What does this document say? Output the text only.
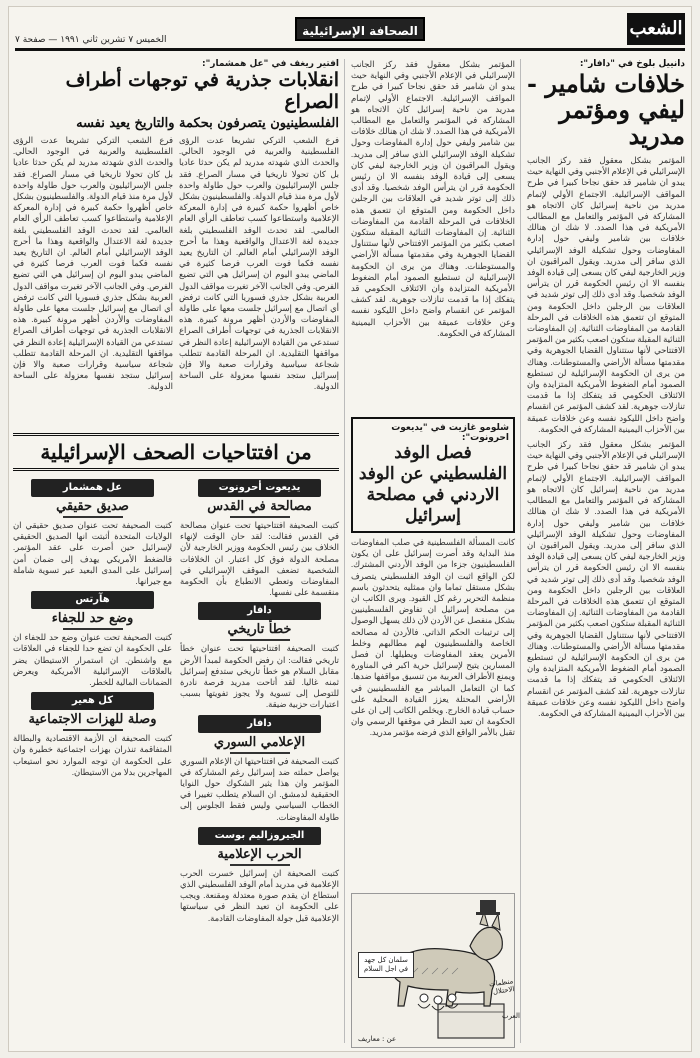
الشعب
الصحافة الإسرائيلية
الخميس ٧ تشرين ثاني ١٩٩١ — صفحة ٧
دانييل بلوخ في "دافار":
خلافات شامير - ليفي ومؤتمر مدريد
المؤتمر بشكل معقول فقد ركز الجانب الإسرائيلي في الإعلام الأجنبي وفي النهاية حيث يبدو ان شامير قد حقق نجاحا كبيرا في طرح المواقف الإسرائيلية. الاجتماع الأولي لإتمام مدريد من ناحية إسرائيل كان الاتجاه هو المشاركة في المؤتمر والتعامل مع المطالب الأمريكية في هذا الصدد. لا شك ان هنالك خلافات بين شامير وليفي حول إدارة المفاوضات وحول تشكيلة الوفد الإسرائيلي الذي سافر إلى مدريد. ويقول المراقبون ان وزير الخارجية ليفي كان يسعى إلى قيادة الوفد بنفسه الا ان رئيس الحكومة قرر ان يترأس الوفد شخصيا. وقد أدى ذلك إلى توتر شديد في العلاقات بين الرجلين داخل الحكومة ومن المتوقع ان تتعمق هذه الخلافات في المرحلة القادمة من المفاوضات الثنائية. إن المفاوضات الثنائية المقبلة ستكون اصعب بكثير من المؤتمر الافتتاحي لأنها ستتناول القضايا الجوهرية وفي مقدمتها مسألة الأراضي والمستوطنات. وهناك من يرى ان الحكومة الإسرائيلية لن تستطيع الصمود أمام الضغوط الأمريكية المتزايدة وان الائتلاف الحكومي قد يتفكك إذا ما قدمت تنازلات جوهرية. لقد كشف المؤتمر عن انقسام واضح داخل الليكود نفسه وعن خلافات عميقة بين الأحزاب اليمينية المشاركة في الحكومة.
المؤتمر بشكل معقول فقد ركز الجانب الإسرائيلي في الإعلام الأجنبي وفي النهاية حيث يبدو ان شامير قد حقق نجاحا كبيرا في طرح المواقف الإسرائيلية. الاجتماع الأولي لإتمام مدريد من ناحية إسرائيل كان الاتجاه هو المشاركة في المؤتمر والتعامل مع المطالب الأمريكية في هذا الصدد. لا شك ان هنالك خلافات بين شامير وليفي حول إدارة المفاوضات وحول تشكيلة الوفد الإسرائيلي الذي سافر إلى مدريد. ويقول المراقبون ان وزير الخارجية ليفي كان يسعى إلى قيادة الوفد بنفسه الا ان رئيس الحكومة قرر ان يترأس الوفد شخصيا. وقد أدى ذلك إلى توتر شديد في العلاقات بين الرجلين داخل الحكومة ومن المتوقع ان تتعمق هذه الخلافات في المرحلة القادمة من المفاوضات الثنائية. إن المفاوضات الثنائية المقبلة ستكون اصعب بكثير من المؤتمر الافتتاحي لأنها ستتناول القضايا الجوهرية وفي مقدمتها مسألة الأراضي والمستوطنات. وهناك من يرى ان الحكومة الإسرائيلية لن تستطيع الصمود أمام الضغوط الأمريكية المتزايدة وان الائتلاف الحكومي قد يتفكك إذا ما قدمت تنازلات جوهرية. لقد كشف المؤتمر عن انقسام واضح داخل الليكود نفسه وعن خلافات عميقة بين الأحزاب اليمينية المشاركة في الحكومة.
المؤتمر بشكل معقول فقد ركز الجانب الإسرائيلي في الإعلام الأجنبي وفي النهاية حيث يبدو ان شامير قد حقق نجاحا كبيرا في طرح المواقف الإسرائيلية. الاجتماع الأولي لإتمام مدريد من ناحية إسرائيل كان الاتجاه هو المشاركة في المؤتمر والتعامل مع المطالب الأمريكية في هذا الصدد. لا شك ان هنالك خلافات بين شامير وليفي حول إدارة المفاوضات وحول تشكيلة الوفد الإسرائيلي الذي سافر إلى مدريد. ويقول المراقبون ان وزير الخارجية ليفي كان يسعى إلى قيادة الوفد بنفسه الا ان رئيس الحكومة قرر ان يترأس الوفد شخصيا. وقد أدى ذلك إلى توتر شديد في العلاقات بين الرجلين داخل الحكومة ومن المتوقع ان تتعمق هذه الخلافات في المرحلة القادمة من المفاوضات الثنائية. إن المفاوضات الثنائية المقبلة ستكون اصعب بكثير من المؤتمر الافتتاحي لأنها ستتناول القضايا الجوهرية وفي مقدمتها مسألة الأراضي والمستوطنات. وهناك من يرى ان الحكومة الإسرائيلية لن تستطيع الصمود أمام الضغوط الأمريكية المتزايدة وان الائتلاف الحكومي قد يتفكك إذا ما قدمت تنازلات جوهرية. لقد كشف المؤتمر عن انقسام واضح داخل الليكود نفسه وعن خلافات عميقة بين الأحزاب اليمينية المشاركة في الحكومة.
شلومو غازيت في "يديعوت احرونوت":
فصل الوفد الفلسطيني عن الوفد الاردني في مصلحة إسرائيل
كانت المسألة الفلسطينية في صلب المفاوضات منذ البداية وقد أصرت إسرائيل على ان يكون الفلسطينيون جزءا من الوفد الأردني المشترك. لكن الواقع اثبت ان الوفد الفلسطيني يتصرف بشكل مستقل تماما وان ممثليه يتحدثون باسم منظمة التحرير رغم كل القيود. ويرى الكاتب ان من مصلحة إسرائيل ان تفاوض الفلسطينيين بشكل منفصل عن الأردن لأن ذلك يسهل الوصول إلى ترتيبات الحكم الذاتي. فالأردن له مصالحه الخاصة والفلسطينيون لهم مطالبهم وخلط الأمرين يعقد المفاوضات ويطيلها. ان فصل المسارين يتيح لإسرائيل حرية اكبر في المناورة ويمنع الأطراف العربية من تنسيق مواقفها ضدها. كما ان التعامل المباشر مع الفلسطينيين في الأراضي المحتلة يعزز القيادة المحلية على حساب قيادة الخارج. ويخلص الكاتب إلى ان على الحكومة ان تعيد النظر في موقفها الرسمي وان تقبل بالأمر الواقع الذي فرضه مؤتمر مدريد.
افتير ريغف في "عل همشمار":
انقلابات جذرية في توجهات أطراف الصراع
الفلسطينيون يتصرفون بحكمة والتاريخ يعيد نفسه
فرع الشعب التركي تشريعا عدت الرؤى الفلسطينية والعربية في الوجود الحالي. والحدث الذي شهدته مدريد لم يكن حدثا عاديا بل كان تحولا تاريخيا في مسار الصراع. فقد جلس الإسرائيليون والعرب حول طاولة واحدة لأول مرة منذ قيام الدولة. والفلسطينيون بشكل خاص أظهروا حكمة كبيرة في إدارة المعركة الإعلامية واستطاعوا كسب تعاطف الرأي العام العالمي. لقد تحدث الوفد الفلسطيني بلغة جديدة لغة الاعتدال والواقعية وهذا ما أحرج الوفد الإسرائيلي أمام العالم. ان التاريخ يعيد نفسه فكما فوت العرب فرصا كثيرة في الماضي يبدو اليوم ان إسرائيل هي التي تضيع الفرص. وفي الجانب الآخر تغيرت مواقف الدول العربية بشكل جذري فسوريا التي كانت ترفض أي اتصال مع إسرائيل جلست معها على طاولة المفاوضات والأردن أظهر مرونة كبيرة. هذه الانقلابات الجذرية في توجهات أطراف الصراع تستدعي من القيادة الإسرائيلية إعادة النظر في مواقفها التقليدية. ان المرحلة القادمة تتطلب شجاعة سياسية وقرارات صعبة والا فإن إسرائيل ستجد نفسها معزولة على الساحة الدولية.
فرع الشعب التركي تشريعا عدت الرؤى الفلسطينية والعربية في الوجود الحالي. والحدث الذي شهدته مدريد لم يكن حدثا عاديا بل كان تحولا تاريخيا في مسار الصراع. فقد جلس الإسرائيليون والعرب حول طاولة واحدة لأول مرة منذ قيام الدولة. والفلسطينيون بشكل خاص أظهروا حكمة كبيرة في إدارة المعركة الإعلامية واستطاعوا كسب تعاطف الرأي العام العالمي. لقد تحدث الوفد الفلسطيني بلغة جديدة لغة الاعتدال والواقعية وهذا ما أحرج الوفد الإسرائيلي أمام العالم. ان التاريخ يعيد نفسه فكما فوت العرب فرصا كثيرة في الماضي يبدو اليوم ان إسرائيل هي التي تضيع الفرص. وفي الجانب الآخر تغيرت مواقف الدول العربية بشكل جذري فسوريا التي كانت ترفض أي اتصال مع إسرائيل جلست معها على طاولة المفاوضات والأردن أظهر مرونة كبيرة. هذه الانقلابات الجذرية في توجهات أطراف الصراع تستدعي من القيادة الإسرائيلية إعادة النظر في مواقفها التقليدية. ان المرحلة القادمة تتطلب شجاعة سياسية وقرارات صعبة والا فإن إسرائيل ستجد نفسها معزولة على الساحة الدولية.
من افتتاحيات الصحف الإسرائيلية
يديعوت أحرونوت
مصالحة في القدس
كتبت الصحيفة افتتاحيتها تحت عنوان مصالحة في القدس فقالت: لقد حان الوقت لإنهاء الخلاف بين رئيس الحكومة ووزير الخارجية لأن مصلحة الدولة فوق كل اعتبار. ان الخلافات الشخصية تضعف الموقف الإسرائيلي في المفاوضات وتعطي الانطباع بأن الحكومة منقسمة على نفسها.
دافار
خطأ تاريخي
كتبت الصحيفة افتتاحيتها تحت عنوان خطأ تاريخي فقالت: ان رفض الحكومة لمبدأ الأرض مقابل السلام هو خطأ تاريخي ستدفع إسرائيل ثمنه غاليا. لقد أتاحت مدريد فرصة نادرة للتوصل إلى تسوية ولا يجوز تفويتها بسبب اعتبارات حزبية ضيقة.
دافار
الإعلامي السوري
كتبت الصحيفة في افتتاحيتها ان الإعلام السوري يواصل حملته ضد إسرائيل رغم المشاركة في المؤتمر وان هذا يثير الشكوك حول النوايا الحقيقية لدمشق. ان السلام يتطلب تغييرا في الخطاب السياسي وليس فقط الجلوس إلى طاولة المفاوضات.
الجيروزاليم بوست
الحرب الإعلامية
كتبت الصحيفة ان إسرائيل خسرت الحرب الإعلامية في مدريد أمام الوفد الفلسطيني الذي استطاع ان يقدم صورة معتدلة ومقنعة. ويجب على الحكومة ان تعيد النظر في سياستها الإعلامية قبل جولة المفاوضات القادمة.
عل همشمار
صديق حقيقي
كتبت الصحيفة تحت عنوان صديق حقيقي ان الولايات المتحدة أثبتت انها الصديق الحقيقي لإسرائيل حين أصرت على عقد المؤتمر. فالضغط الأمريكي يهدف إلى ضمان أمن إسرائيل على المدى البعيد عبر تسوية شاملة مع جيرانها.
هآرتس
وضع حد للجفاء
كتبت الصحيفة تحت عنوان وضع حد للجفاء ان على الحكومة ان تضع حدا للجفاء في العلاقات مع واشنطن. ان استمرار الاستيطان يضر بالعلاقات الإسرائيلية الأمريكية ويعرض الضمانات المالية للخطر.
كل هعير
وصلة للهزات الاجتماعية
كتبت الصحيفة ان الأزمة الاقتصادية والبطالة المتفاقمة تنذران بهزات اجتماعية خطيرة وان على الحكومة ان توجه الموارد نحو استيعاب المهاجرين بدلا من الاستيطان.
سلمان كل جهد في اجل السلام
منظمات الاحتلال
العرب
عن : معاريف
